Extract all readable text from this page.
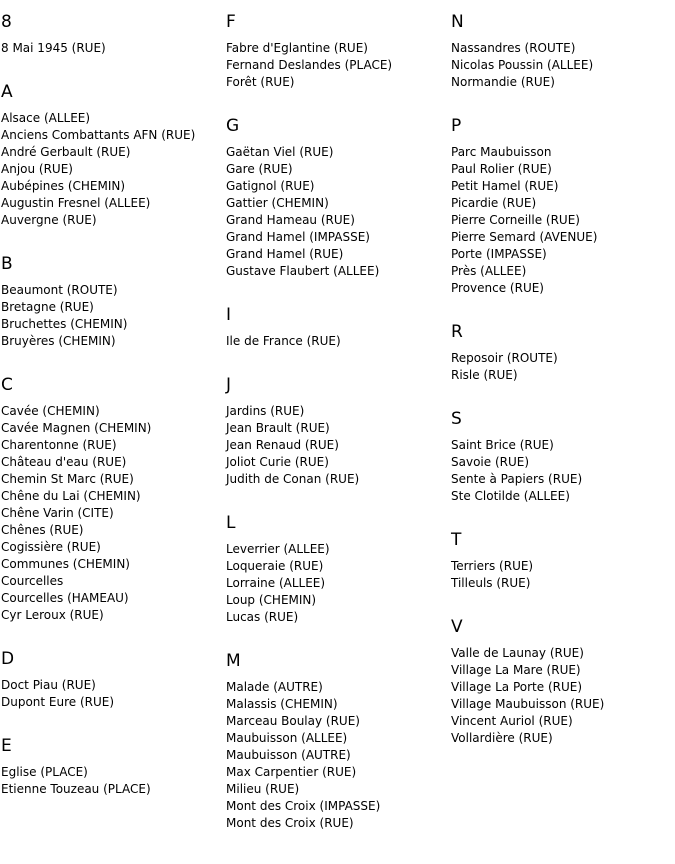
8
8 Mai 1945 (RUE)
A
Alsace (ALLEE)
Anciens Combattants AFN (RUE)
André Gerbault (RUE)
Anjou (RUE)
Aubépines (CHEMIN)
Augustin Fresnel (ALLEE)
Auvergne (RUE)
B
Beaumont (ROUTE)
Bretagne (RUE)
Bruchettes (CHEMIN)
Bruyères (CHEMIN)
C
Cavée (CHEMIN)
Cavée Magnen (CHEMIN)
Charentonne (RUE)
Château d'eau (RUE)
Chemin St Marc (RUE)
Chêne du Lai (CHEMIN)
Chêne Varin (CITE)
Chênes (RUE)
Cogissière (RUE)
Communes (CHEMIN)
Courcelles
Courcelles (HAMEAU)
Cyr Leroux (RUE)
D
Doct Piau (RUE)
Dupont Eure (RUE)
E
Eglise (PLACE)
Etienne Touzeau (PLACE)
F
Fabre d'Eglantine (RUE)
Fernand Deslandes (PLACE)
Forêt (RUE)
G
Gaëtan Viel (RUE)
Gare (RUE)
Gatignol (RUE)
Gattier (CHEMIN)
Grand Hameau (RUE)
Grand Hamel (IMPASSE)
Grand Hamel (RUE)
Gustave Flaubert (ALLEE)
I
Ile de France (RUE)
J
Jardins (RUE)
Jean Brault (RUE)
Jean Renaud (RUE)
Joliot Curie (RUE)
Judith de Conan (RUE)
L
Leverrier (ALLEE)
Loqueraie (RUE)
Lorraine (ALLEE)
Loup (CHEMIN)
Lucas (RUE)
M
Malade (AUTRE)
Malassis (CHEMIN)
Marceau Boulay (RUE)
Maubuisson (ALLEE)
Maubuisson (AUTRE)
Max Carpentier (RUE)
Milieu (RUE)
Mont des Croix (IMPASSE)
Mont des Croix (RUE)
N
Nassandres (ROUTE)
Nicolas Poussin (ALLEE)
Normandie (RUE)
P
Parc Maubuisson
Paul Rolier (RUE)
Petit Hamel (RUE)
Picardie (RUE)
Pierre Corneille (RUE)
Pierre Semard (AVENUE)
Porte (IMPASSE)
Près (ALLEE)
Provence (RUE)
R
Reposoir (ROUTE)
Risle (RUE)
S
Saint Brice (RUE)
Savoie (RUE)
Sente à Papiers (RUE)
Ste Clotilde (ALLEE)
T
Terriers (RUE)
Tilleuls (RUE)
V
Valle de Launay (RUE)
Village La Mare (RUE)
Village La Porte (RUE)
Village Maubuisson (RUE)
Vincent Auriol (RUE)
Vollardière (RUE)
